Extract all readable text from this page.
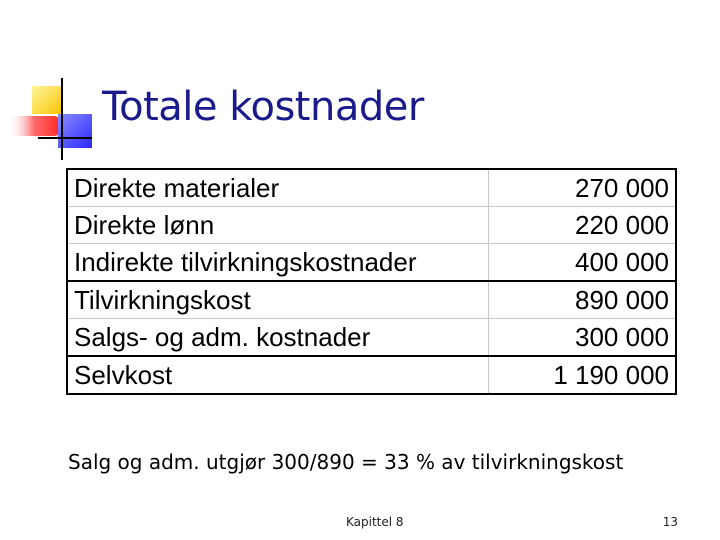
Totale kostnader
Direkte materialer	270 000
Direkte lønn	220 000
Indirekte tilvirkningskostnader	400 000
Tilvirkningskost	890 000
Salgs- og adm. kostnader	300 000
Selvkost	1 190 000
Salg og adm. utgjør 300/890 = 33 % av tilvirkningskost
Kapittel 8	13
